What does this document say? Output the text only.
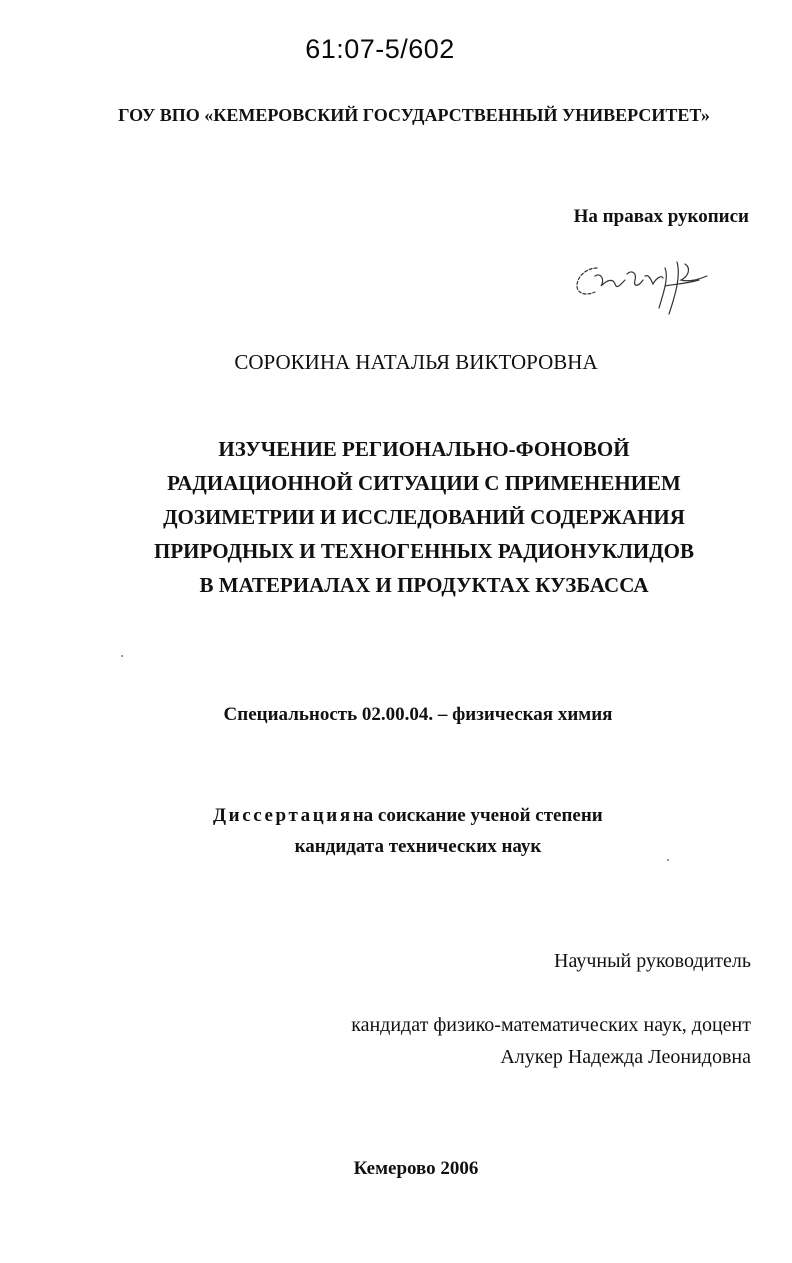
61:07-5/602
ГОУ ВПО «КЕМЕРОВСКИЙ ГОСУДАРСТВЕННЫЙ УНИВЕРСИТЕТ»
На правах рукописи
СОРОКИНА НАТАЛЬЯ ВИКТОРОВНА
ИЗУЧЕНИЕ РЕГИОНАЛЬНО-ФОНОВОЙ
РАДИАЦИОННОЙ СИТУАЦИИ С ПРИМЕНЕНИЕМ
ДОЗИМЕТРИИ И ИССЛЕДОВАНИЙ СОДЕРЖАНИЯ
ПРИРОДНЫХ И ТЕХНОГЕННЫХ РАДИОНУКЛИДОВ
В МАТЕРИАЛАХ И ПРОДУКТАХ КУЗБАССА
Специальность 02.00.04. – физическая химия
Диссертацияна соискание ученой степени
кандидата технических наук
Научный руководитель
кандидат физико-математических наук, доцент
Алукер Надежда Леонидовна
Кемерово 2006
